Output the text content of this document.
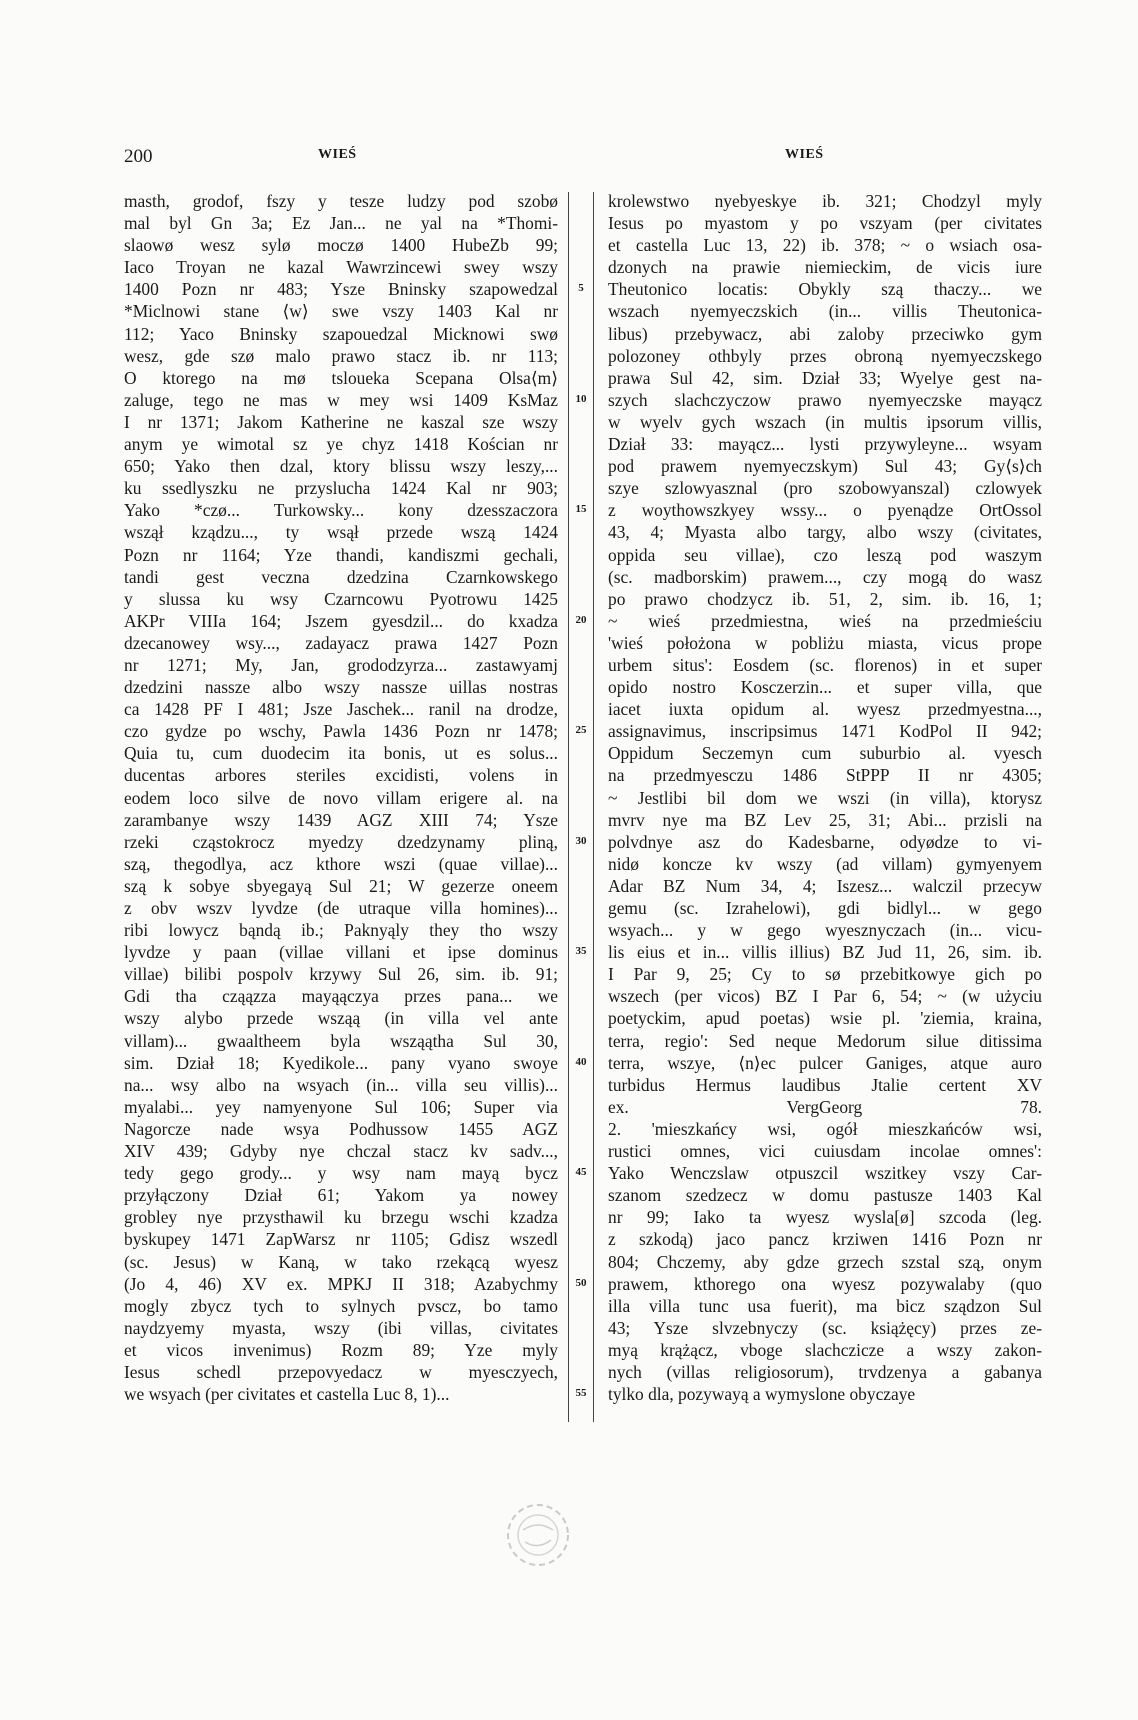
200	WIEŚ	WIEŚ
masth, grodof, fszy y tesze ludzy pod szobø
mal byl Gn 3a; Ez Jan... ne yal na *Thomi-
slaowø wesz sylø moczø 1400 HubeZb 99;
Iaco Troyan ne kazal Wawrzincewi swey wszy
1400 Pozn nr 483; Ysze Bninsky szapowedzal
*Miclnowi stane ⟨w⟩ swe vszy 1403 Kal nr
112; Yaco Bninsky szapouedzal Micknowi swø
wesz, gde szø malo prawo stacz ib. nr 113;
O ktorego na mø tsloueka Scepana Olsa⟨m⟩
zaluge, tego ne mas w mey wsi 1409 KsMaz
I nr 1371; Jakom Katherine ne kaszal sze wszy
anym ye wimotal sz ye chyz 1418 Kościan nr
650; Yako then dzal, ktory blissu wszy leszy,...
ku ssedlyszku ne przyslucha 1424 Kal nr 903;
Yako *czø... Turkowsky... kony dzesszaczora
wszął kządzu..., ty wsął przede wszą 1424
Pozn nr 1164; Yze thandi, kandiszmi gechali,
tandi gest veczna dzedzina Czarnkowskego
y slussa ku wsy Czarncowu Pyotrowu 1425
AKPr VIIIa 164; Jszem gyesdzil... do kxadza
dzecanowey wsy..., zadayacz prawa 1427 Pozn
nr 1271; My, Jan, grododzyrza... zastawyamj
dzedzini nassze albo wszy nassze uillas nostras
ca 1428 PF I 481; Jsze Jaschek... ranil na drodze,
czo gydze po wschy, Pawla 1436 Pozn nr 1478;
Quia tu, cum duodecim ita bonis, ut es solus...
ducentas arbores steriles excidisti, volens in
eodem loco silve de novo villam erigere al. na
zarambanye wszy 1439 AGZ XIII 74; Ysze
rzeki cząstokrocz myedzy dzedzynamy pliną,
szą, thegodlya, acz kthore wszi (quae villae)...
szą k sobye sbyegayą Sul 21; W gezerze oneem
z obv wszv lyvdze (de utraque villa homines)...
ribi lowycz bąndą ib.; Paknyąly they tho wszy
lyvdze y paan (villae villani et ipse dominus
villae) bilibi pospolv krzywy Sul 26, sim. ib. 91;
Gdi tha cząązza mayąączya przes pana... we
wszy alybo przede wsząą (in villa vel ante
villam)... gwaaltheem byla wsząątha Sul 30,
sim. Dział 18; Kyedikole... pany vyano swoye
na... wsy albo na wsyach (in... villa seu villis)...
myalabi... yey namyenyone Sul 106; Super via
Nagorcze nade wsya Podhussow 1455 AGZ
XIV 439; Gdyby nye chczal stacz kv sadv...,
tedy gego grody... y wsy nam mayą bycz
przyłączony Dział 61; Yakom ya nowey
grobley nye przysthawil ku brzegu wschi kzadza
byskupey 1471 ZapWarsz nr 1105; Gdisz wszedl
(sc. Jesus) w Kaną, w tako rzekącą wyesz
(Jo 4, 46) XV ex. MPKJ II 318; Azabychmy
mogly zbycz tych to sylnych pvscz, bo tamo
naydzyemy myasta, wszy (ibi villas, civitates
et vicos invenimus) Rozm 89; Yze myly
Iesus schedl przepovyedacz w myesczyech,
we wsyach (per civitates et castella Luc 8, 1)...
5
10
15
20
25
30
35
40
45
50
55
krolewstwo nyebyeskye ib. 321; Chodzyl myly
Iesus po myastom y po vszyam (per civitates
et castella Luc 13, 22) ib. 378; ~ o wsiach osa-
dzonych na prawie niemieckim, de vicis iure
Theutonico locatis: Obykly szą thaczy... we
wszach nyemyeczskich (in... villis Theutonica-
libus) przebywacz, abi zaloby przeciwko gym
polozoney othbyly przes obroną nyemyeczskego
prawa Sul 42, sim. Dział 33; Wyelye gest na-
szych slachczyczow prawo nyemyeczske mayącz
w wyelv gych wszach (in multis ipsorum villis,
Dział 33: mayącz... lysti przywyleyne... wsyam
pod prawem nyemyeczskym) Sul 43; Gy⟨s⟩ch
szye szlowyasznal (pro szobowyanszal) czlowyek
z woythowszkyey wssy... o pyenądze OrtOssol
43, 4; Myasta albo targy, albo wszy (civitates,
oppida seu villae), czo leszą pod waszym
(sc. madborskim) prawem..., czy mogą do wasz
po prawo chodzycz ib. 51, 2, sim. ib. 16, 1;
~ wieś przedmiestna, wieś na przedmieściu
'wieś położona w pobliżu miasta, vicus prope
urbem situs': Eosdem (sc. florenos) in et super
opido nostro Kosczerzin... et super villa, que
iacet iuxta opidum al. wyesz przedmyestna...,
assignavimus, inscripsimus 1471 KodPol II 942;
Oppidum Seczemyn cum suburbio al. vyesch
na przedmyesczu 1486 StPPP II nr 4305;
~ Jestlibi bil dom we wszi (in villa), ktorysz
mvrv nye ma BZ Lev 25, 31; Abi... przisli na
polvdnye asz do Kadesbarne, odyødze to vi-
nidø koncze kv wszy (ad villam) gymyenyem
Adar BZ Num 34, 4; Iszesz... walczil przecyw
gemu (sc. Izrahelowi), gdi bidlyl... w gego
wsyach... y w gego wyesznyczach (in... vicu-
lis eius et in... villis illius) BZ Jud 11, 26, sim. ib.
I Par 9, 25; Cy to sø przebitkowye gich po
wszech (per vicos) BZ I Par 6, 54; ~ (w użyciu
poetyckim, apud poetas) wsie pl. 'ziemia, kraina,
terra, regio': Sed neque Medorum silue ditissima
terra, wszye, ⟨n⟩ec pulcer Ganiges, atque auro
turbidus Hermus laudibus Jtalie certent XV
ex. VergGeorg 78.
2. 'mieszkańcy wsi, ogół mieszkańców wsi,
rustici omnes, vici cuiusdam incolae omnes':
Yako Wenczslaw otpuszcil wszitkey vszy Car-
szanom szedzecz w domu pastusze 1403 Kal
nr 99; Iako ta wyesz wysla[ø] szcoda (leg.
z szkodą) jaco pancz krziwen 1416 Pozn nr
804; Chczemy, aby gdze grzech szstal szą, onym
prawem, kthorego ona wyesz pozywalaby (quo
illa villa tunc usa fuerit), ma bicz sządzon Sul
43; Ysze slvzebnyczy (sc. książęcy) przes ze-
myą krążącz, vboge slachczicze a wszy zakon-
nych (villas religiosorum), trvdzenya a gabanya
tylko dla, pozywayą a wymyslone obyczaye
